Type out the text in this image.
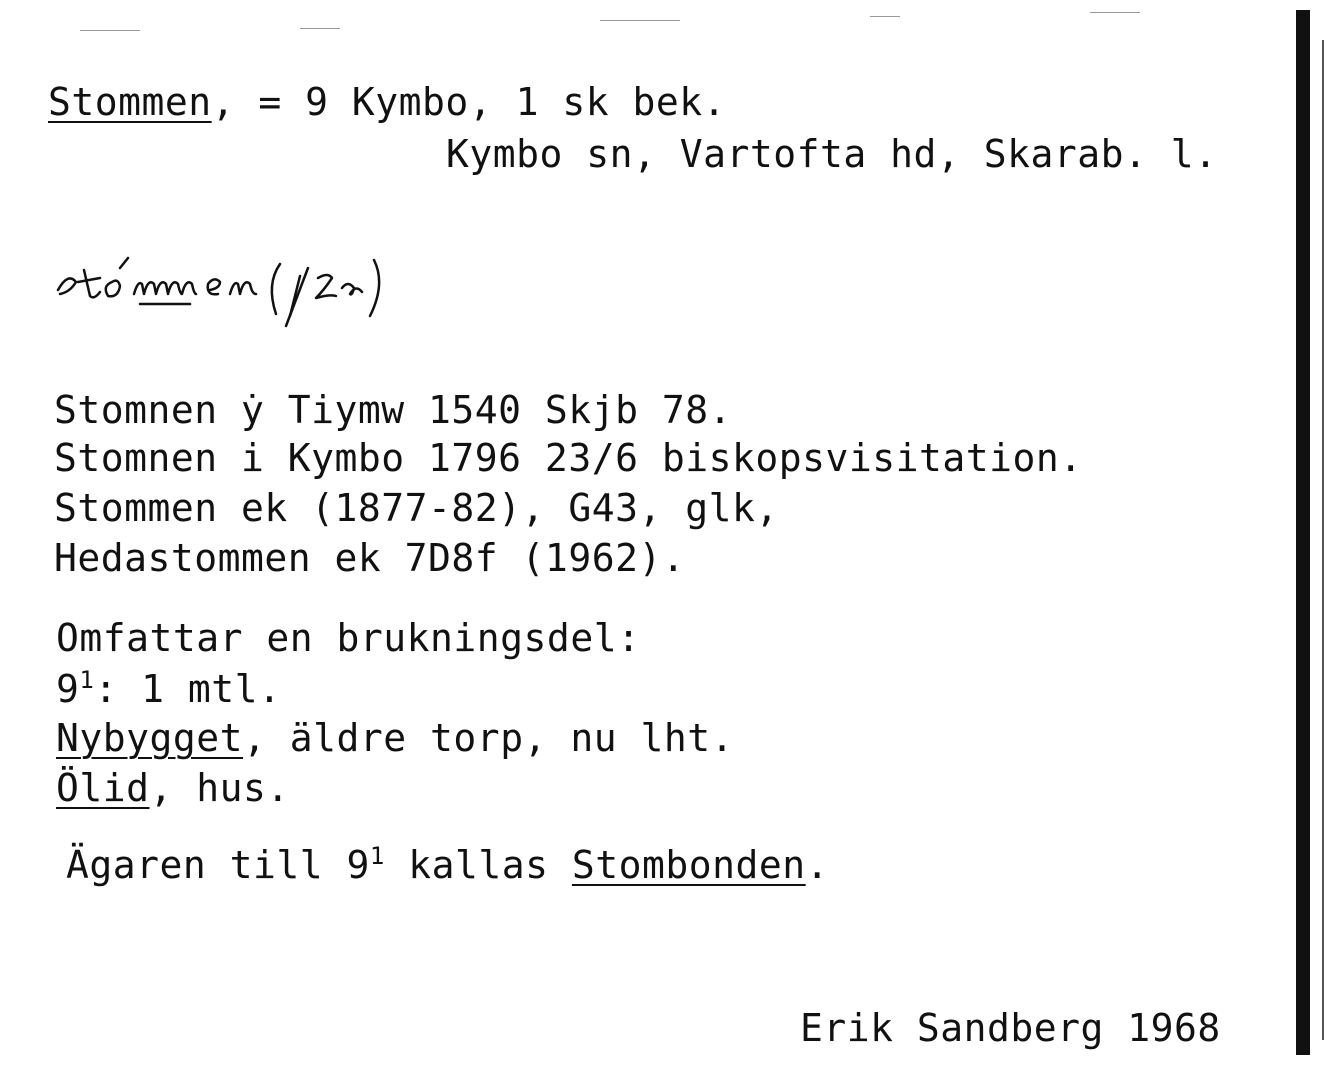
Stommen, = 9 Kymbo, 1 sk bek.
Kymbo sn, Vartofta hd, Skarab. l.
stómmen (1 ½ ...)
Stomnen ẏ Tiymw 1540 Skjb 78.
Stomnen i Kymbo 1796 23/6 biskopsvisitation.
Stommen ek (1877-82), G43, glk,
Hedastommen ek 7D8f (1962).
Omfattar en brukningsdel:
$9^1$: 1 mtl.
Nybygget, äldre torp, nu lht.
Ölid, hus.
Ägaren till $9^1$ kallas Stombonden.
Erik Sandberg 1968
